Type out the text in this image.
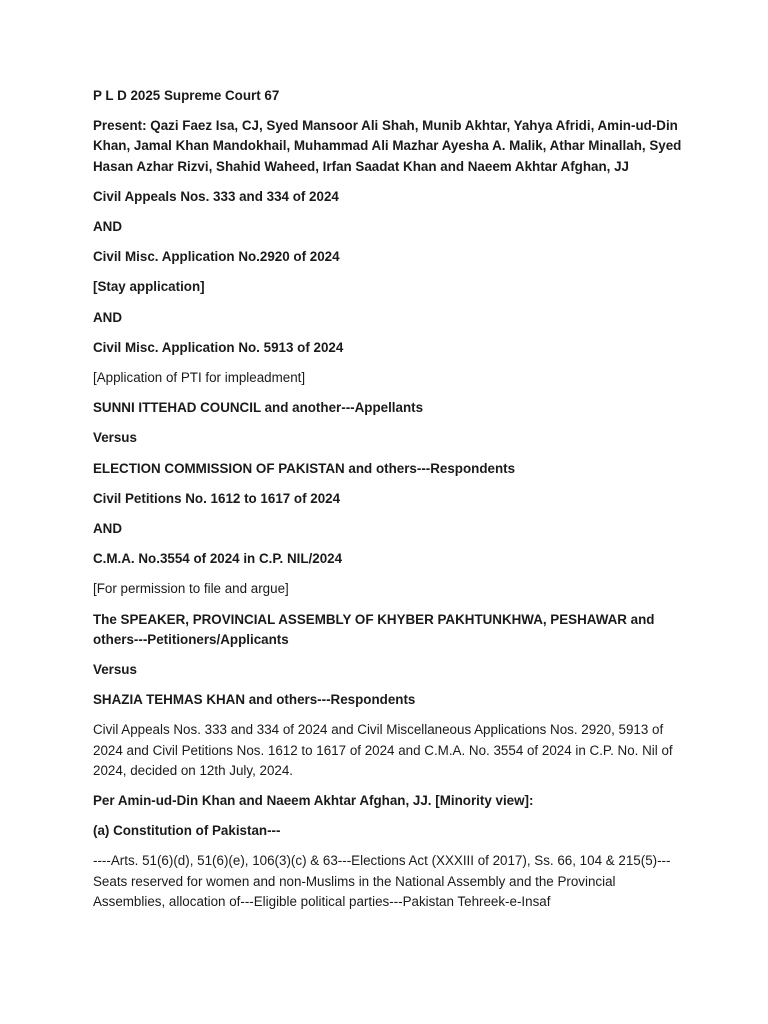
P L D 2025 Supreme Court 67

Present: Qazi Faez Isa, CJ, Syed Mansoor Ali Shah, Munib Akhtar, Yahya Afridi, Amin-ud-Din Khan, Jamal Khan Mandokhail, Muhammad Ali Mazhar Ayesha A. Malik, Athar Minallah, Syed Hasan Azhar Rizvi, Shahid Waheed, Irfan Saadat Khan and Naeem Akhtar Afghan, JJ

Civil Appeals Nos. 333 and 334 of 2024

AND

Civil Misc. Application No.2920 of 2024

[Stay application]

AND

Civil Misc. Application No. 5913 of 2024

[Application of PTI for impleadment]

SUNNI ITTEHAD COUNCIL and another---Appellants

Versus

ELECTION COMMISSION OF PAKISTAN and others---Respondents

Civil Petitions No. 1612 to 1617 of 2024

AND

C.M.A. No.3554 of 2024 in C.P. NIL/2024

[For permission to file and argue]

The SPEAKER, PROVINCIAL ASSEMBLY OF KHYBER PAKHTUNKHWA, PESHAWAR and others---Petitioners/Applicants

Versus

SHAZIA TEHMAS KHAN and others---Respondents

Civil Appeals Nos. 333 and 334 of 2024 and Civil Miscellaneous Applications Nos. 2920, 5913 of 2024 and Civil Petitions Nos. 1612 to 1617 of 2024 and C.M.A. No. 3554 of 2024 in C.P. No. Nil of 2024, decided on 12th July, 2024.

Per Amin-ud-Din Khan and Naeem Akhtar Afghan, JJ. [Minority view]:

(a) Constitution of Pakistan---

----Arts. 51(6)(d), 51(6)(e), 106(3)(c) & 63---Elections Act (XXXIII of 2017), Ss. 66, 104 & 215(5)---Seats reserved for women and non-Muslims in the National Assembly and the Provincial Assemblies, allocation of---Eligible political parties---Pakistan Tehreek-e-Insaf
